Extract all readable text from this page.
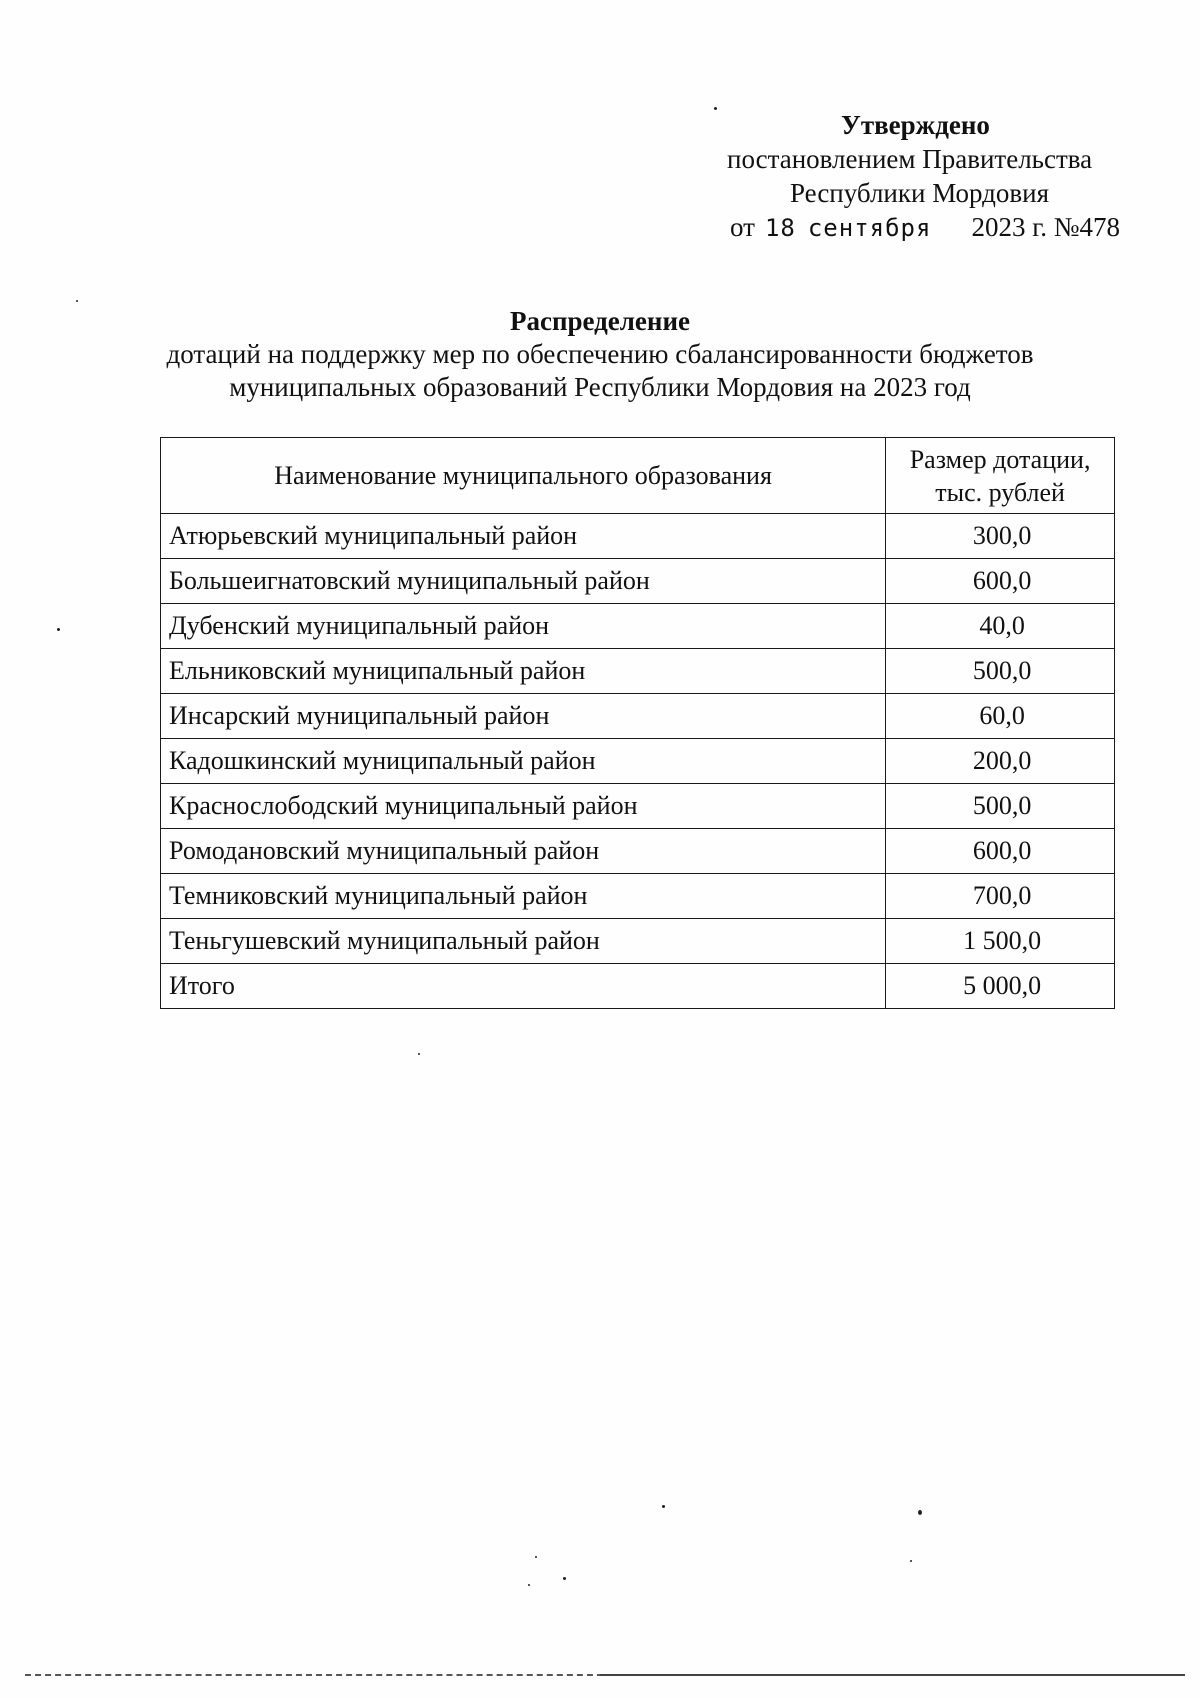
Утверждено
постановлением Правительства
Республики Мордовия
от 18 сентября 2023 г. №478
Распределение
дотаций на поддержку мер по обеспечению сбалансированности бюджетов
муниципальных образований Республики Мордовия на 2023 год
Наименование муниципального образования	Размер дотации,
тыс. рублей

Атюрьевский муниципальный район	300,0
Большеигнатовский муниципальный район	600,0
Дубенский муниципальный район	40,0
Ельниковский муниципальный район	500,0
Инсарский муниципальный район	60,0
Кадошкинский муниципальный район	200,0
Краснослободский муниципальный район	500,0
Ромодановский муниципальный район	600,0
Темниковский муниципальный район	700,0
Теньгушевский муниципальный район	1 500,0
Итого	5 000,0
